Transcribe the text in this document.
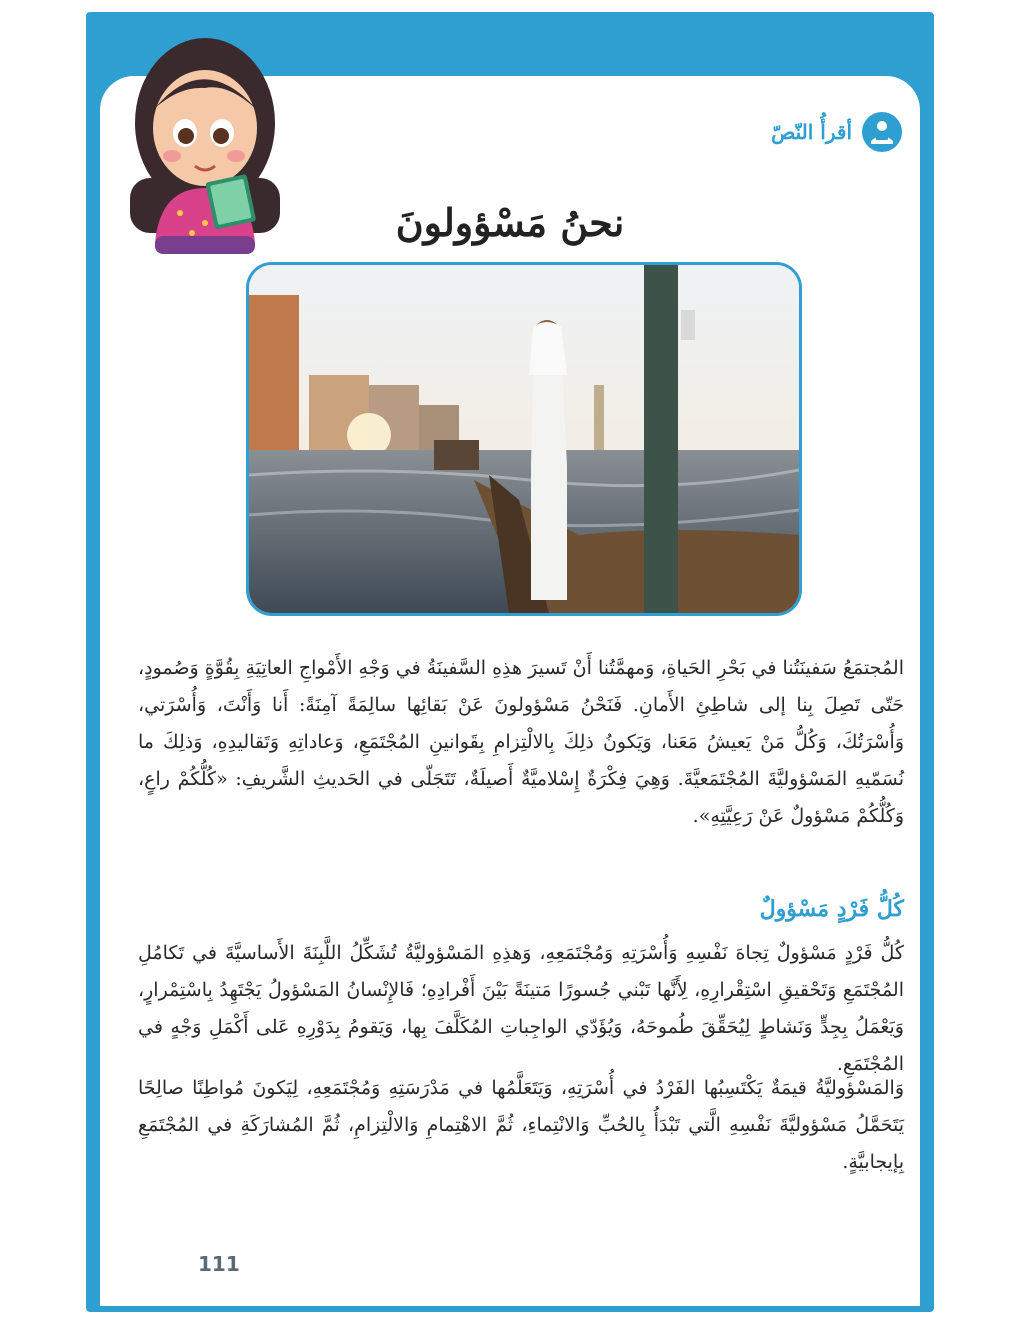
أقرأُ النّصّ
نحنُ مَسْؤولونَ

المُجتمَعُ سَفينَتُنا في بَحْرِ الحَياةِ، وَمهمَّتُنا أَنْ تَسيرَ هذِهِ السَّفينَةُ في وَجْهِ الأَمْواجِ العاتِيَةِ بِقُوَّةٍ وَصُمودٍ، حَتّى تَصِلَ بِنا إلى شاطِئِ الأَمانِ. فَنَحْنُ مَسْؤولونَ عَنْ بَقائِها سالِمَةً آمِنَةً: أَنا وَأَنْتَ، وَأُسْرَتي، وَأُسْرَتُكَ، وَكُلُّ مَنْ يَعيشُ مَعَنا، وَيَكونُ ذلِكَ بِالالْتِزامِ بِقَوانينِ المُجْتَمَعِ، وَعاداتِهِ وَتَقاليدِهِ، وَذلِكَ ما نُسَمّيهِ المَسْؤوليَّةَ المُجْتَمَعيَّةَ. وَهِيَ فِكْرَةٌ إِسْلاميَّةٌ أَصيلَةٌ، تَتَجَلّى في الحَديثِ الشَّريفِ: «كُلُّكُمْ راعٍ، وَكُلُّكُمْ مَسْؤولٌ عَنْ رَعِيَّتِهِ».

كُلُّ فَرْدٍ مَسْؤولٌ

كُلُّ فَرْدٍ مَسْؤولٌ تِجاهَ نَفْسِهِ وَأُسْرَتِهِ وَمُجْتَمَعِهِ، وَهذِهِ المَسْؤوليَّةُ تُشَكِّلُ اللَّبِنَةَ الأَساسيَّةَ في تَكامُلِ المُجْتَمَعِ وَتَحْقيقِ اسْتِقْرارِهِ، لِأَنَّها تَبْني جُسورًا مَتينَةً بَيْنَ أَفْرادِهِ؛ فَالإِنْسانُ المَسْؤولُ يَجْتَهِدُ بِاسْتِمْرارٍ، وَيَعْمَلُ بِجِدٍّ وَنَشاطٍ لِيُحَقِّقَ طُموحَهُ، وَيُؤَدّي الواجِباتِ المُكَلَّفَ بِها، وَيَقومُ بِدَوْرِهِ عَلى أَكْمَلِ وَجْهٍ في المُجْتَمَعِ.

وَالمَسْؤوليَّةُ قيمَةٌ يَكْتَسِبُها الفَرْدُ في أُسْرَتِهِ، وَيَتَعَلَّمُها في مَدْرَسَتِهِ وَمُجْتَمَعِهِ، لِيَكونَ مُواطِنًا صالِحًا يَتَحَمَّلُ مَسْؤوليَّةَ نَفْسِهِ الَّتي تَبْدَأُ بِالحُبِّ وَالانْتِماءِ، ثُمَّ الاهْتِمامِ وَالالْتِزامِ، ثُمَّ المُشارَكَةِ في المُجْتَمَعِ بِإيجابيَّةٍ.

111
